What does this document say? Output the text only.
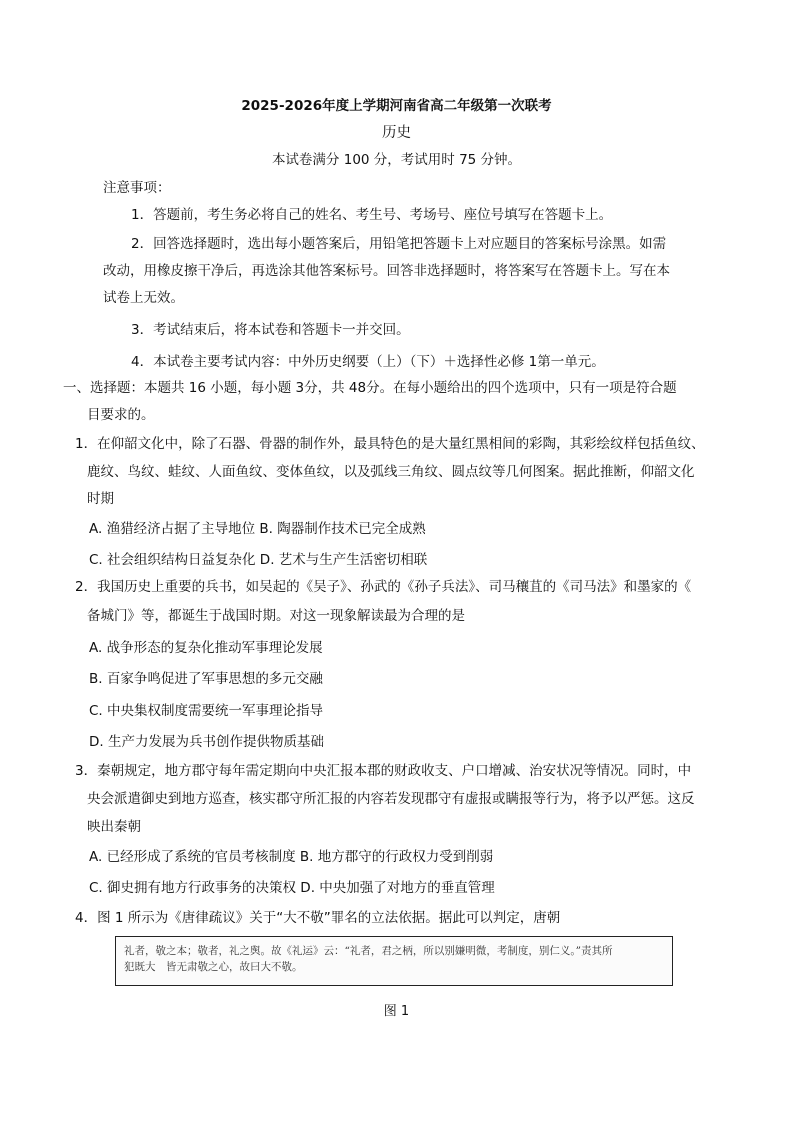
2025-2026年度上学期河南省高二年级第一次联考
历史
本试卷满分 100 分，考试用时 75 分钟。
注意事项：
1．答题前，考生务必将自己的姓名、考生号、考场号、座位号填写在答题卡上。
2．回答选择题时，选出每小题答案后，用铅笔把答题卡上对应题目的答案标号涂黑。如需
改动，用橡皮擦干净后，再选涂其他答案标号。回答非选择题时，将答案写在答题卡上。写在本
试卷上无效。
3．考试结束后，将本试卷和答题卡一并交回。
4．本试卷主要考试内容：中外历史纲要（上）（下）＋选择性必修 1第一单元。
一、选择题：本题共 16 小题，每小题 3分，共 48分。在每小题给出的四个选项中，只有一项是符合题
目要求的。
1．在仰韶文化中，除了石器、骨器的制作外，最具特色的是大量红黑相间的彩陶，其彩绘纹样包括鱼纹、
鹿纹、鸟纹、蛙纹、人面鱼纹、变体鱼纹，以及弧线三角纹、圆点纹等几何图案。据此推断，仰韶文化
时期
A. 渔猎经济占据了主导地位 B. 陶器制作技术已完全成熟
C. 社会组织结构日益复杂化 D. 艺术与生产生活密切相联
2．我国历史上重要的兵书，如吴起的《吴子》、孙武的《孙子兵法》、司马穰苴的《司马法》和墨家的《
备城门》等，都诞生于战国时期。对这一现象解读最为合理的是
A. 战争形态的复杂化推动军事理论发展
B. 百家争鸣促进了军事思想的多元交融
C. 中央集权制度需要统一军事理论指导
D. 生产力发展为兵书创作提供物质基础
3．秦朝规定，地方郡守每年需定期向中央汇报本郡的财政收支、户口增减、治安状况等情况。同时，中
央会派遣御史到地方巡查，核实郡守所汇报的内容若发现郡守有虚报或瞒报等行为，将予以严惩。这反
映出秦朝
A. 已经形成了系统的官员考核制度 B. 地方郡守的行政权力受到削弱
C. 御史拥有地方行政事务的决策权 D. 中央加强了对地方的垂直管理
4．图 1 所示为《唐律疏议》关于“大不敬”罪名的立法依据。据此可以判定，唐朝
礼者，敬之本；敬者，礼之舆。故《礼运》云：“礼者，君之柄，所以别嫌明微，考制度，别仁义。”责其所
犯既大　皆无肃敬之心，故曰大不敬。
图 1
